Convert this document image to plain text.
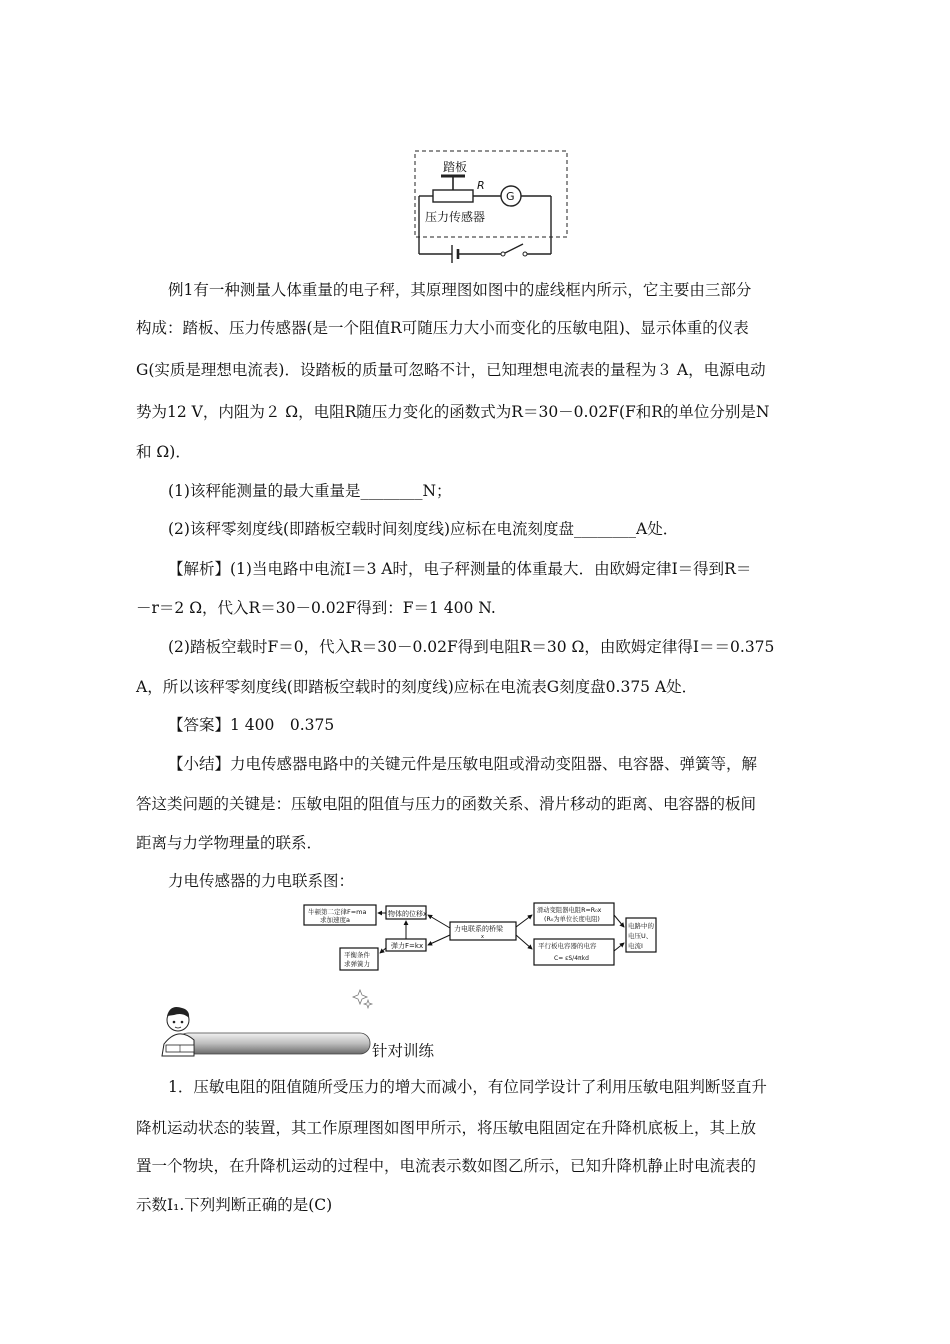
踏板
R
G
压力传感器

例1有一种测量人体重量的电子秤，其原理图如图中的虚线框内所示，它主要由三部分

构成：踏板、压力传感器(是一个阻值R可随压力大小而变化的压敏电阻)、显示体重的仪表

G(实质是理想电流表)．设踏板的质量可忽略不计，已知理想电流表的量程为３ A，电源电动

势为12 V，内阻为２ Ω，电阻R随压力变化的函数式为R＝30－0.02F(F和R的单位分别是N

和 Ω)．

(1)该秤能测量的最大重量是________N；

(2)该秤零刻度线(即踏板空载时间刻度线)应标在电流刻度盘________A处．

【解析】(1)当电路中电流I＝3 A时，电子秤测量的体重最大．由欧姆定律I＝得到R＝

－r＝2 Ω，代入R＝30－0.02F得到：F＝1 400 N.

(2)踏板空载时F＝0，代入R＝30－0.02F得到电阻R＝30 Ω，由欧姆定律得I＝＝0.375

A，所以该秤零刻度线(即踏板空载时的刻度线)应标在电流表G刻度盘0.375 A处．

【答案】1 400　0.375

【小结】力电传感器电路中的关键元件是压敏电阻或滑动变阻器、电容器、弹簧等，解

答这类问题的关键是：压敏电阻的阻值与压力的函数关系、滑片移动的距离、电容器的板间

距离与力学物理量的联系．

力电传感器的力电联系图：

牛顿第二定律F=ma
求加速度a
物体的位移x
弹力F=kx
平衡条件
求弹簧力
力电联系的桥梁
x
滑动变阻器电阻R=R₀x
(R₀为单位长度电阻)
平行板电容器的电容
C= εS/4πkd
电路中的
电压U、
电流I
针对训练

1．压敏电阻的阻值随所受压力的增大而减小，有位同学设计了利用压敏电阻判断竖直升

降机运动状态的装置，其工作原理图如图甲所示，将压敏电阻固定在升降机底板上，其上放

置一个物块，在升降机运动的过程中，电流表示数如图乙所示，已知升降机静止时电流表的

示数I₁.下列判断正确的是(C)
